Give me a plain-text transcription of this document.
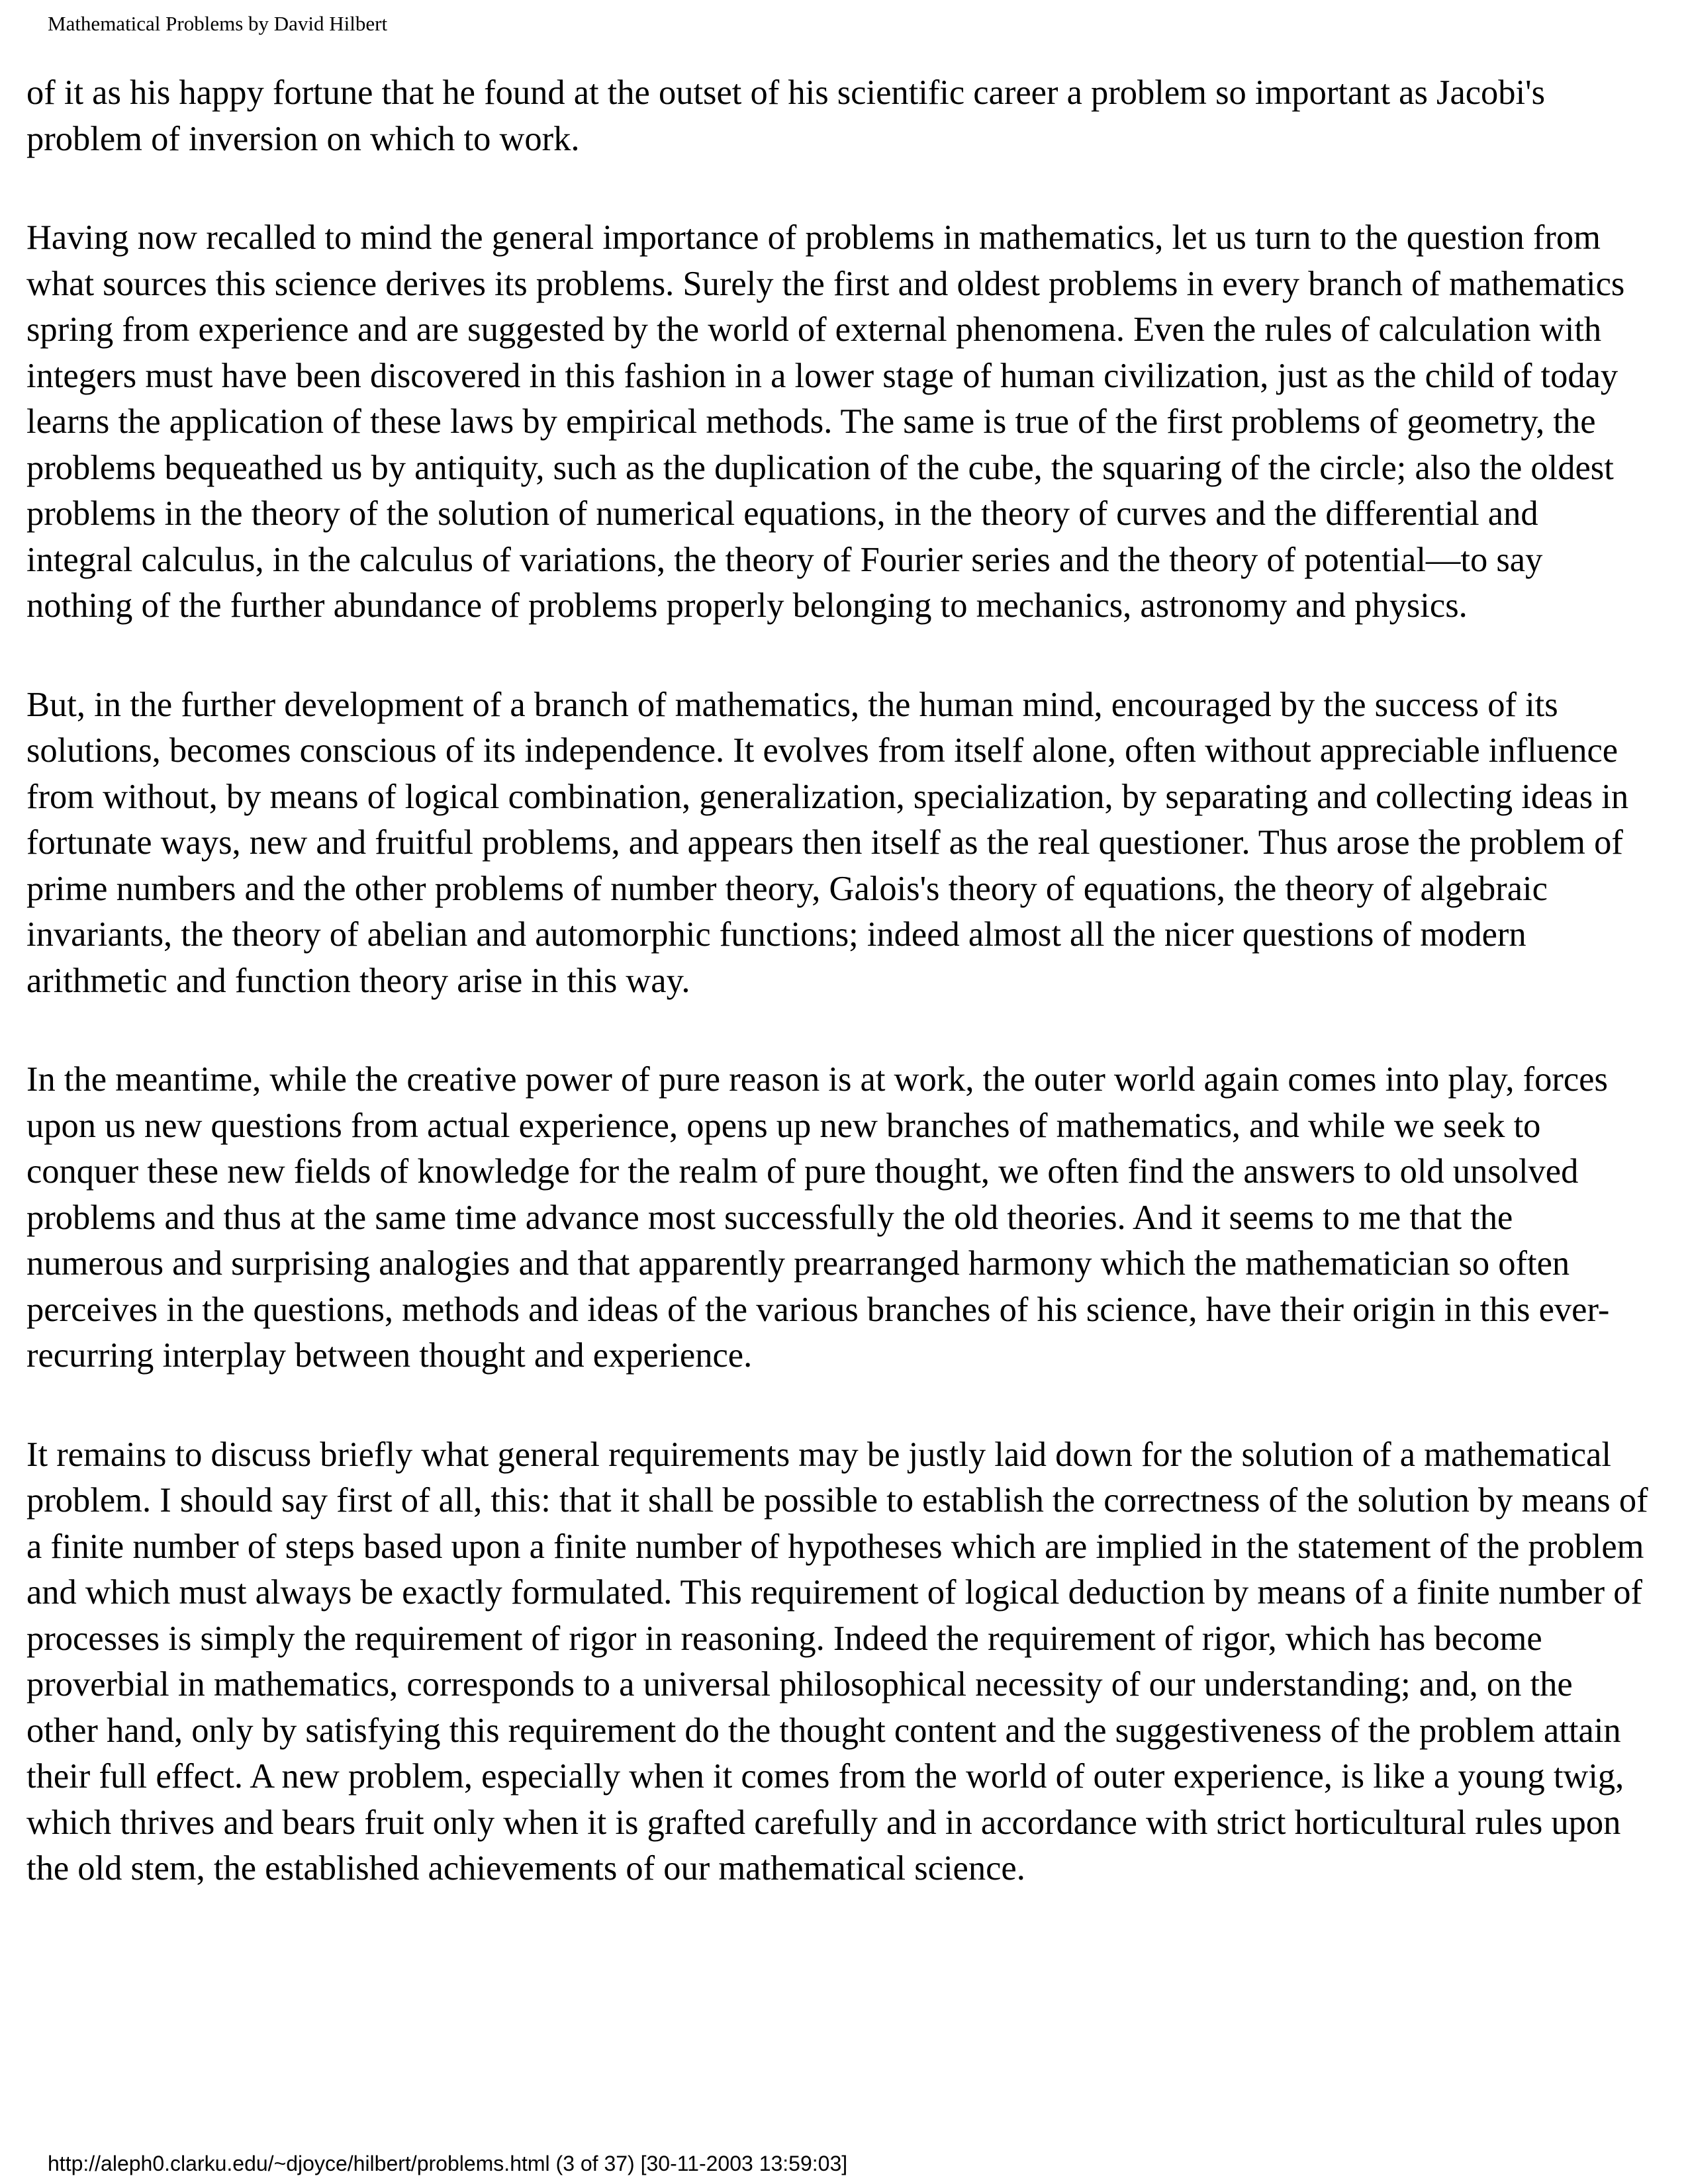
Mathematical Problems by David Hilbert

of it as his happy fortune that he found at the outset of his scientific career a problem so important as Jacobi's problem of inversion on which to work.

Having now recalled to mind the general importance of problems in mathematics, let us turn to the question from what sources this science derives its problems. Surely the first and oldest problems in every branch of mathematics spring from experience and are suggested by the world of external phenomena. Even the rules of calculation with integers must have been discovered in this fashion in a lower stage of human civilization, just as the child of today learns the application of these laws by empirical methods. The same is true of the first problems of geometry, the problems bequeathed us by antiquity, such as the duplication of the cube, the squaring of the circle; also the oldest problems in the theory of the solution of numerical equations, in the theory of curves and the differential and integral calculus, in the calculus of variations, the theory of Fourier series and the theory of potential—to say nothing of the further abundance of problems properly belonging to mechanics, astronomy and physics.

But, in the further development of a branch of mathematics, the human mind, encouraged by the success of its solutions, becomes conscious of its independence. It evolves from itself alone, often without appreciable influence from without, by means of logical combination, generalization, specialization, by separating and collecting ideas in fortunate ways, new and fruitful problems, and appears then itself as the real questioner. Thus arose the problem of prime numbers and the other problems of number theory, Galois's theory of equations, the theory of algebraic invariants, the theory of abelian and automorphic functions; indeed almost all the nicer questions of modern arithmetic and function theory arise in this way.

In the meantime, while the creative power of pure reason is at work, the outer world again comes into play, forces upon us new questions from actual experience, opens up new branches of mathematics, and while we seek to conquer these new fields of knowledge for the realm of pure thought, we often find the answers to old unsolved problems and thus at the same time advance most successfully the old theories. And it seems to me that the numerous and surprising analogies and that apparently prearranged harmony which the mathematician so often perceives in the questions, methods and ideas of the various branches of his science, have their origin in this ever-recurring interplay between thought and experience.

It remains to discuss briefly what general requirements may be justly laid down for the solution of a mathematical problem. I should say first of all, this: that it shall be possible to establish the correctness of the solution by means of a finite number of steps based upon a finite number of hypotheses which are implied in the statement of the problem and which must always be exactly formulated. This requirement of logical deduction by means of a finite number of processes is simply the requirement of rigor in reasoning. Indeed the requirement of rigor, which has become proverbial in mathematics, corresponds to a universal philosophical necessity of our understanding; and, on the other hand, only by satisfying this requirement do the thought content and the suggestiveness of the problem attain their full effect. A new problem, especially when it comes from the world of outer experience, is like a young twig, which thrives and bears fruit only when it is grafted carefully and in accordance with strict horticultural rules upon the old stem, the established achievements of our mathematical science.

http://aleph0.clarku.edu/~djoyce/hilbert/problems.html (3 of 37) [30-11-2003 13:59:03]
